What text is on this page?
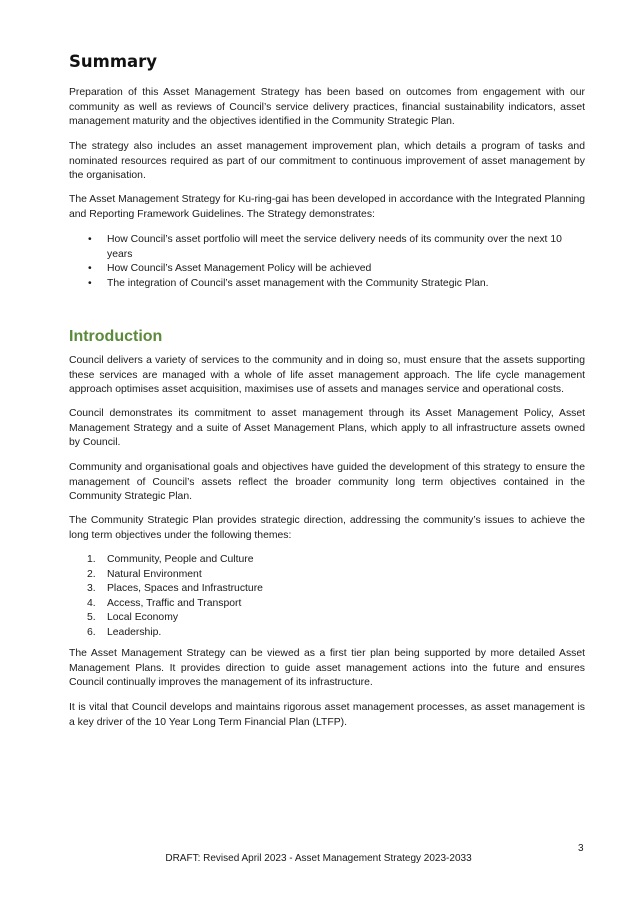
Summary

Preparation of this Asset Management Strategy has been based on outcomes from engagement with our community as well as reviews of Council’s service delivery practices, financial sustainability indicators, asset management maturity and the objectives identified in the Community Strategic Plan.

The strategy also includes an asset management improvement plan, which details a program of tasks and nominated resources required as part of our commitment to continuous improvement of asset management by the organisation.

The Asset Management Strategy for Ku-ring-gai has been developed in accordance with the Integrated Planning and Reporting Framework Guidelines. The Strategy demonstrates:

• How Council’s asset portfolio will meet the service delivery needs of its community over the next 10 years
• How Council’s Asset Management Policy will be achieved
• The integration of Council’s asset management with the Community Strategic Plan.
Introduction

Council delivers a variety of services to the community and in doing so, must ensure that the assets supporting these services are managed with a whole of life asset management approach. The life cycle management approach optimises asset acquisition, maximises use of assets and manages service and operational costs.

Council demonstrates its commitment to asset management through its Asset Management Policy, Asset Management Strategy and a suite of Asset Management Plans, which apply to all infrastructure assets owned by Council.

Community and organisational goals and objectives have guided the development of this strategy to ensure the management of Council’s assets reflect the broader community long term objectives contained in the Community Strategic Plan.

The Community Strategic Plan provides strategic direction, addressing the community’s issues to achieve the long term objectives under the following themes:

1. Community, People and Culture
2. Natural Environment
3. Places, Spaces and Infrastructure
4. Access, Traffic and Transport
5. Local Economy
6. Leadership.

The Asset Management Strategy can be viewed as a first tier plan being supported by more detailed Asset Management Plans. It provides direction to guide asset management actions into the future and ensures Council continually improves the management of its infrastructure.

It is vital that Council develops and maintains rigorous asset management processes, as asset management is a key driver of the 10 Year Long Term Financial Plan (LTFP).

3
DRAFT: Revised April 2023 - Asset Management Strategy 2023-2033
